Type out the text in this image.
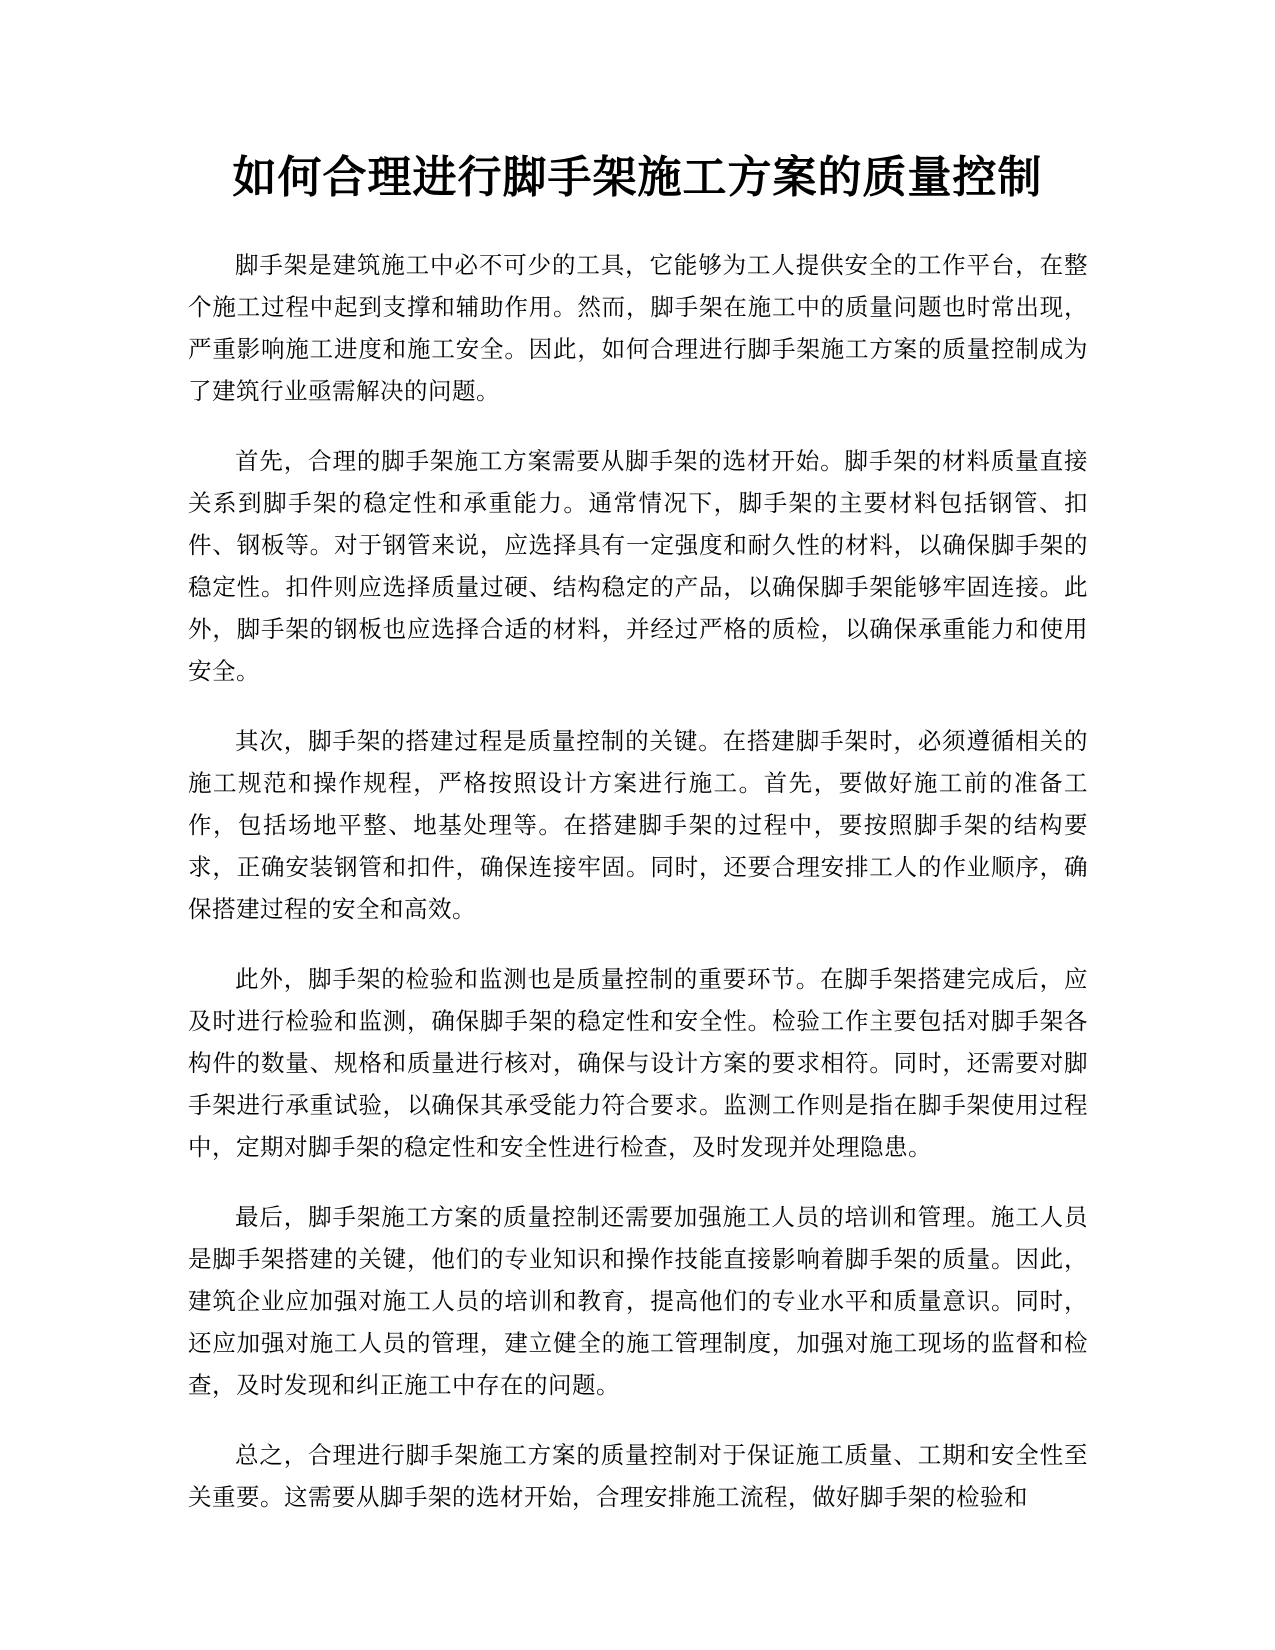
如何合理进行脚手架施工方案的质量控制

脚手架是建筑施工中必不可少的工具，它能够为工人提供安全的工作平台，在整个施工过程中起到支撑和辅助作用。然而，脚手架在施工中的质量问题也时常出现，严重影响施工进度和施工安全。因此，如何合理进行脚手架施工方案的质量控制成为了建筑行业亟需解决的问题。

首先，合理的脚手架施工方案需要从脚手架的选材开始。脚手架的材料质量直接关系到脚手架的稳定性和承重能力。通常情况下，脚手架的主要材料包括钢管、扣件、钢板等。对于钢管来说，应选择具有一定强度和耐久性的材料，以确保脚手架的稳定性。扣件则应选择质量过硬、结构稳定的产品，以确保脚手架能够牢固连接。此外，脚手架的钢板也应选择合适的材料，并经过严格的质检，以确保承重能力和使用安全。

其次，脚手架的搭建过程是质量控制的关键。在搭建脚手架时，必须遵循相关的施工规范和操作规程，严格按照设计方案进行施工。首先，要做好施工前的准备工作，包括场地平整、地基处理等。在搭建脚手架的过程中，要按照脚手架的结构要求，正确安装钢管和扣件，确保连接牢固。同时，还要合理安排工人的作业顺序，确保搭建过程的安全和高效。

此外，脚手架的检验和监测也是质量控制的重要环节。在脚手架搭建完成后，应及时进行检验和监测，确保脚手架的稳定性和安全性。检验工作主要包括对脚手架各构件的数量、规格和质量进行核对，确保与设计方案的要求相符。同时，还需要对脚手架进行承重试验，以确保其承受能力符合要求。监测工作则是指在脚手架使用过程中，定期对脚手架的稳定性和安全性进行检查，及时发现并处理隐患。

最后，脚手架施工方案的质量控制还需要加强施工人员的培训和管理。施工人员是脚手架搭建的关键，他们的专业知识和操作技能直接影响着脚手架的质量。因此，建筑企业应加强对施工人员的培训和教育，提高他们的专业水平和质量意识。同时，还应加强对施工人员的管理，建立健全的施工管理制度，加强对施工现场的监督和检查，及时发现和纠正施工中存在的问题。

总之，合理进行脚手架施工方案的质量控制对于保证施工质量、工期和安全性至关重要。这需要从脚手架的选材开始，合理安排施工流程，做好脚手架的检验和
